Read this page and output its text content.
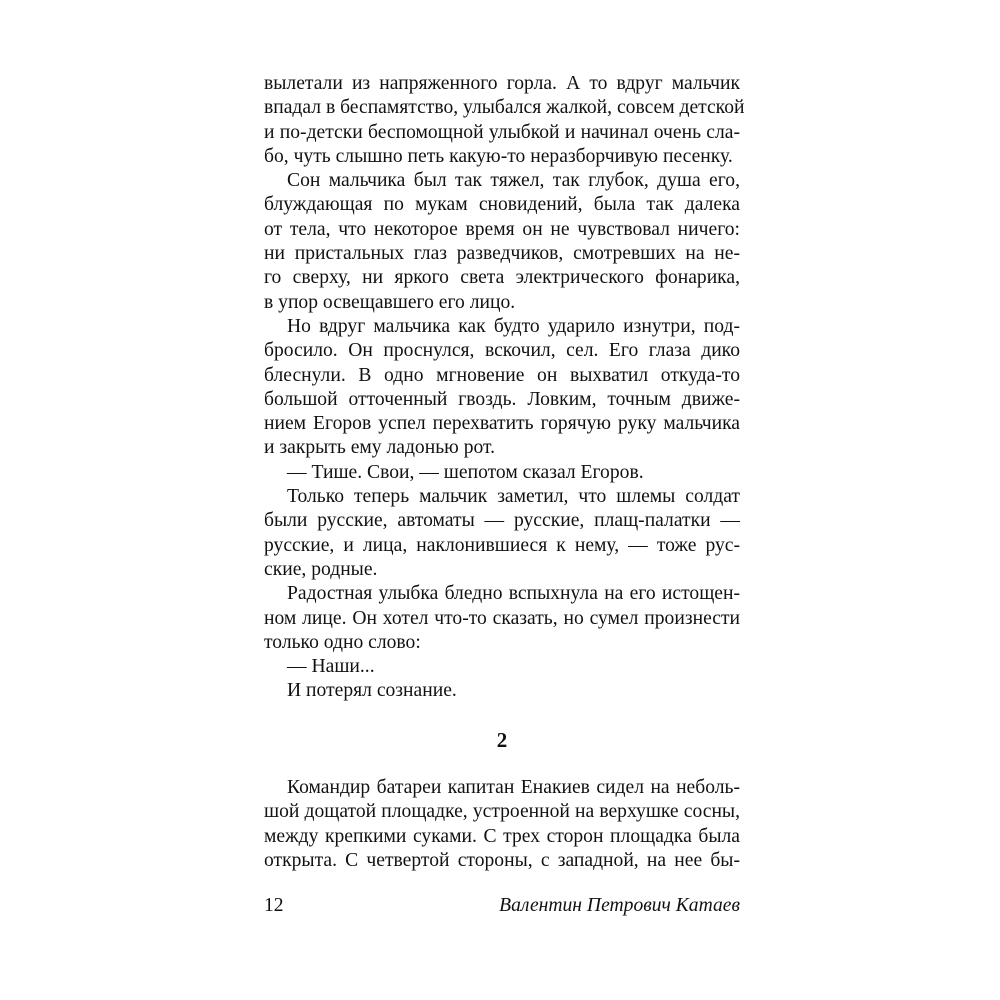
вылетали из напряженного горла. А то вдруг мальчик
впадал в беспамятство, улыбался жалкой, совсем детской
и по-детски беспомощной улыбкой и начинал очень сла-
бо, чуть слышно петь какую-то неразборчивую песенку.
Сон мальчика был так тяжел, так глубок, душа его,
блуждающая по мукам сновидений, была так далека
от тела, что некоторое время он не чувствовал ничего:
ни пристальных глаз разведчиков, смотревших на не-
го сверху, ни яркого света электрического фонарика,
в упор освещавшего его лицо.
Но вдруг мальчика как будто ударило изнутри, под-
бросило. Он проснулся, вскочил, сел. Его глаза дико
блеснули. В одно мгновение он выхватил откуда-то
большой отточенный гвоздь. Ловким, точным движе-
нием Егоров успел перехватить горячую руку мальчика
и закрыть ему ладонью рот.
— Тише. Свои, — шепотом сказал Егоров.
Только теперь мальчик заметил, что шлемы солдат
были русские, автоматы — русские, плащ-палатки —
русские, и лица, наклонившиеся к нему, — тоже рус-
ские, родные.
Радостная улыбка бледно вспыхнула на его истощен-
ном лице. Он хотел что-то сказать, но сумел произнести
только одно слово:
— Наши...
И потерял сознание.
2
Командир батареи капитан Енакиев сидел на неболь-
шой дощатой площадке, устроенной на верхушке сосны,
между крепкими суками. С трех сторон площадка была
открыта. С четвертой стороны, с западной, на нее бы-
12	Валентин Петрович Катаев
